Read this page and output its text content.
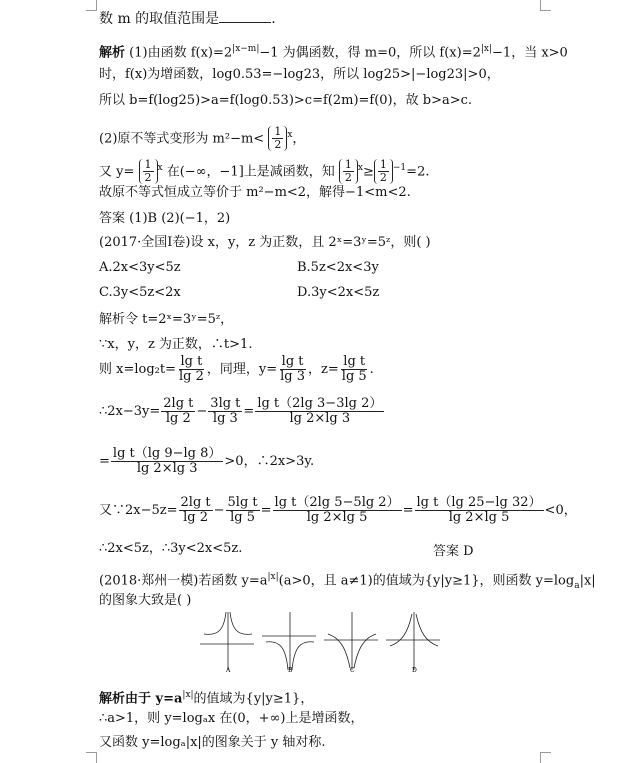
数 m 的取值范围是	.
解析 (1)由函数 $f(x)=2^{|x-m|}-1$ 为偶函数，得 m=0，所以 $f(x)=2^{|x|}-1$，当 x>0
时，f(x)为增函数，log0.53=−log23，所以 log25>|−log23|>0，
所以 b=f(log25)>a=f(log0.53)>c=f(2m)=f(0)，故 b>a>c.
(2)原不等式变形为 $m^2-m< \frac{1}{2} ^x$，
又 $y= \frac{1}{2} ^x$ 在(−∞，−1]上是减函数，知 $\frac{1}{2} ^x\ge \frac{1}{2} ^{-1}=2$.
故原不等式恒成立等价于 m²−m<2，解得−1<m<2.
答案 (1)B (2)(−1，2)
(2017·全国Ⅰ卷)设 x，y，z 为正数，且 2ˣ=3ʸ=5ᶻ，则( )
A.2x<3y<5z	B.5z<2x<3y
C.3y<5z<2x	D.3y<2x<5z
解析令 t=2ˣ=3ʸ=5ᶻ，
∵x，y，z 为正数，∴t>1.
则 $x=\log_2t= \frac{\text{lg t}}{\lg 2}$ ，同理，$y= \frac{\text{lg t}}{\lg 3}$ ，$z= \frac{\text{lg t}}{\lg 5}$ .
∴2x−3y= $\frac{\text{2lg t}}{\lg 2} - \frac{\text{3lg t}}{\lg 3} = \frac{\text{lg t（2lg 3−3lg 2）}}{\lg 2\times\lg 3}$
= $\frac{\text{lg t（lg 9−lg 8）}}{\lg 2\times\lg 3} >0$，∴2x>3y.
又∵2x−5z= $\frac{\text{2lg t}}{\lg 2} - \frac{\text{5lg t}}{\lg 5} = \frac{\text{lg t（2lg 5−5lg 2）}}{\lg 2\times\lg 5} = \frac{\text{lg t（lg 25−lg 32）}}{\lg 2\times\lg 5} <0$，
∴2x<5z，∴3y<2x<5z.	答案 D
(2018·郑州一模)若函数 $y=a^{|x|}(a>0$，且 a≠1)的值域为{y|y≥1}，则函数 $y=\log_a|x|$
的图象大致是( )
A	B	C	D
解析由于 $y=a^{|x|}$的值域为{y|y≥1}，
∴a>1，则 y=logₐx 在(0，+∞)上是增函数，
又函数 y=logₐ|x|的图象关于 y 轴对称.
